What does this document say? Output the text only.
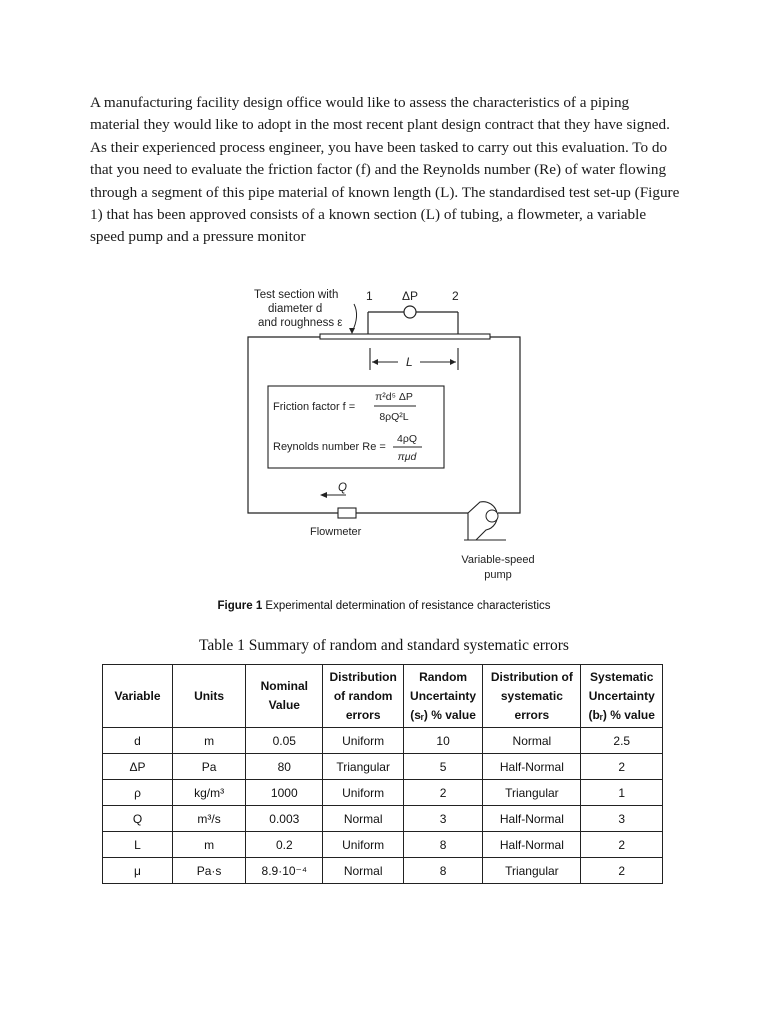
A manufacturing facility design office would like to assess the characteristics of a piping material they would like to adopt in the most recent plant design contract that they have signed. As their experienced process engineer, you have been tasked to carry out this evaluation. To do that you need to evaluate the friction factor (f) and the Reynolds number (Re) of water flowing through a segment of this pipe material of known length (L). The standardised test set-up (Figure 1) that has been approved consists of a known section (L) of tubing, a flowmeter, a variable speed pump and a pressure monitor

Test section with
diameter d
and roughness ε
1 ΔP	2
L
Friction factor f =
π²d⁵ ΔP
8ρQ²L
Reynolds number Re =
4ρQ
πμd
Q
Flowmeter
Variable-speed
pump
Figure 1 Experimental determination of resistance characteristics
Table 1 Summary of random and standard systematic errors
Variable	Units	Nominal Value	Distribution of random errors	Random Uncertainty (sᵣ) % value	Distribution of systematic errors	Systematic Uncertainty (bᵣ) % value
d	m	0.05	Uniform	10	Normal	2.5
ΔP	Pa	80	Triangular	5	Half-Normal	2
ρ	kg/m³	1000	Uniform	2	Triangular	1
Q	m³/s	0.003	Normal	3	Half-Normal	3
L	m	0.2	Uniform	8	Half-Normal	2
μ	Pa·s	8.9·10⁻⁴	Normal	8	Triangular	2
